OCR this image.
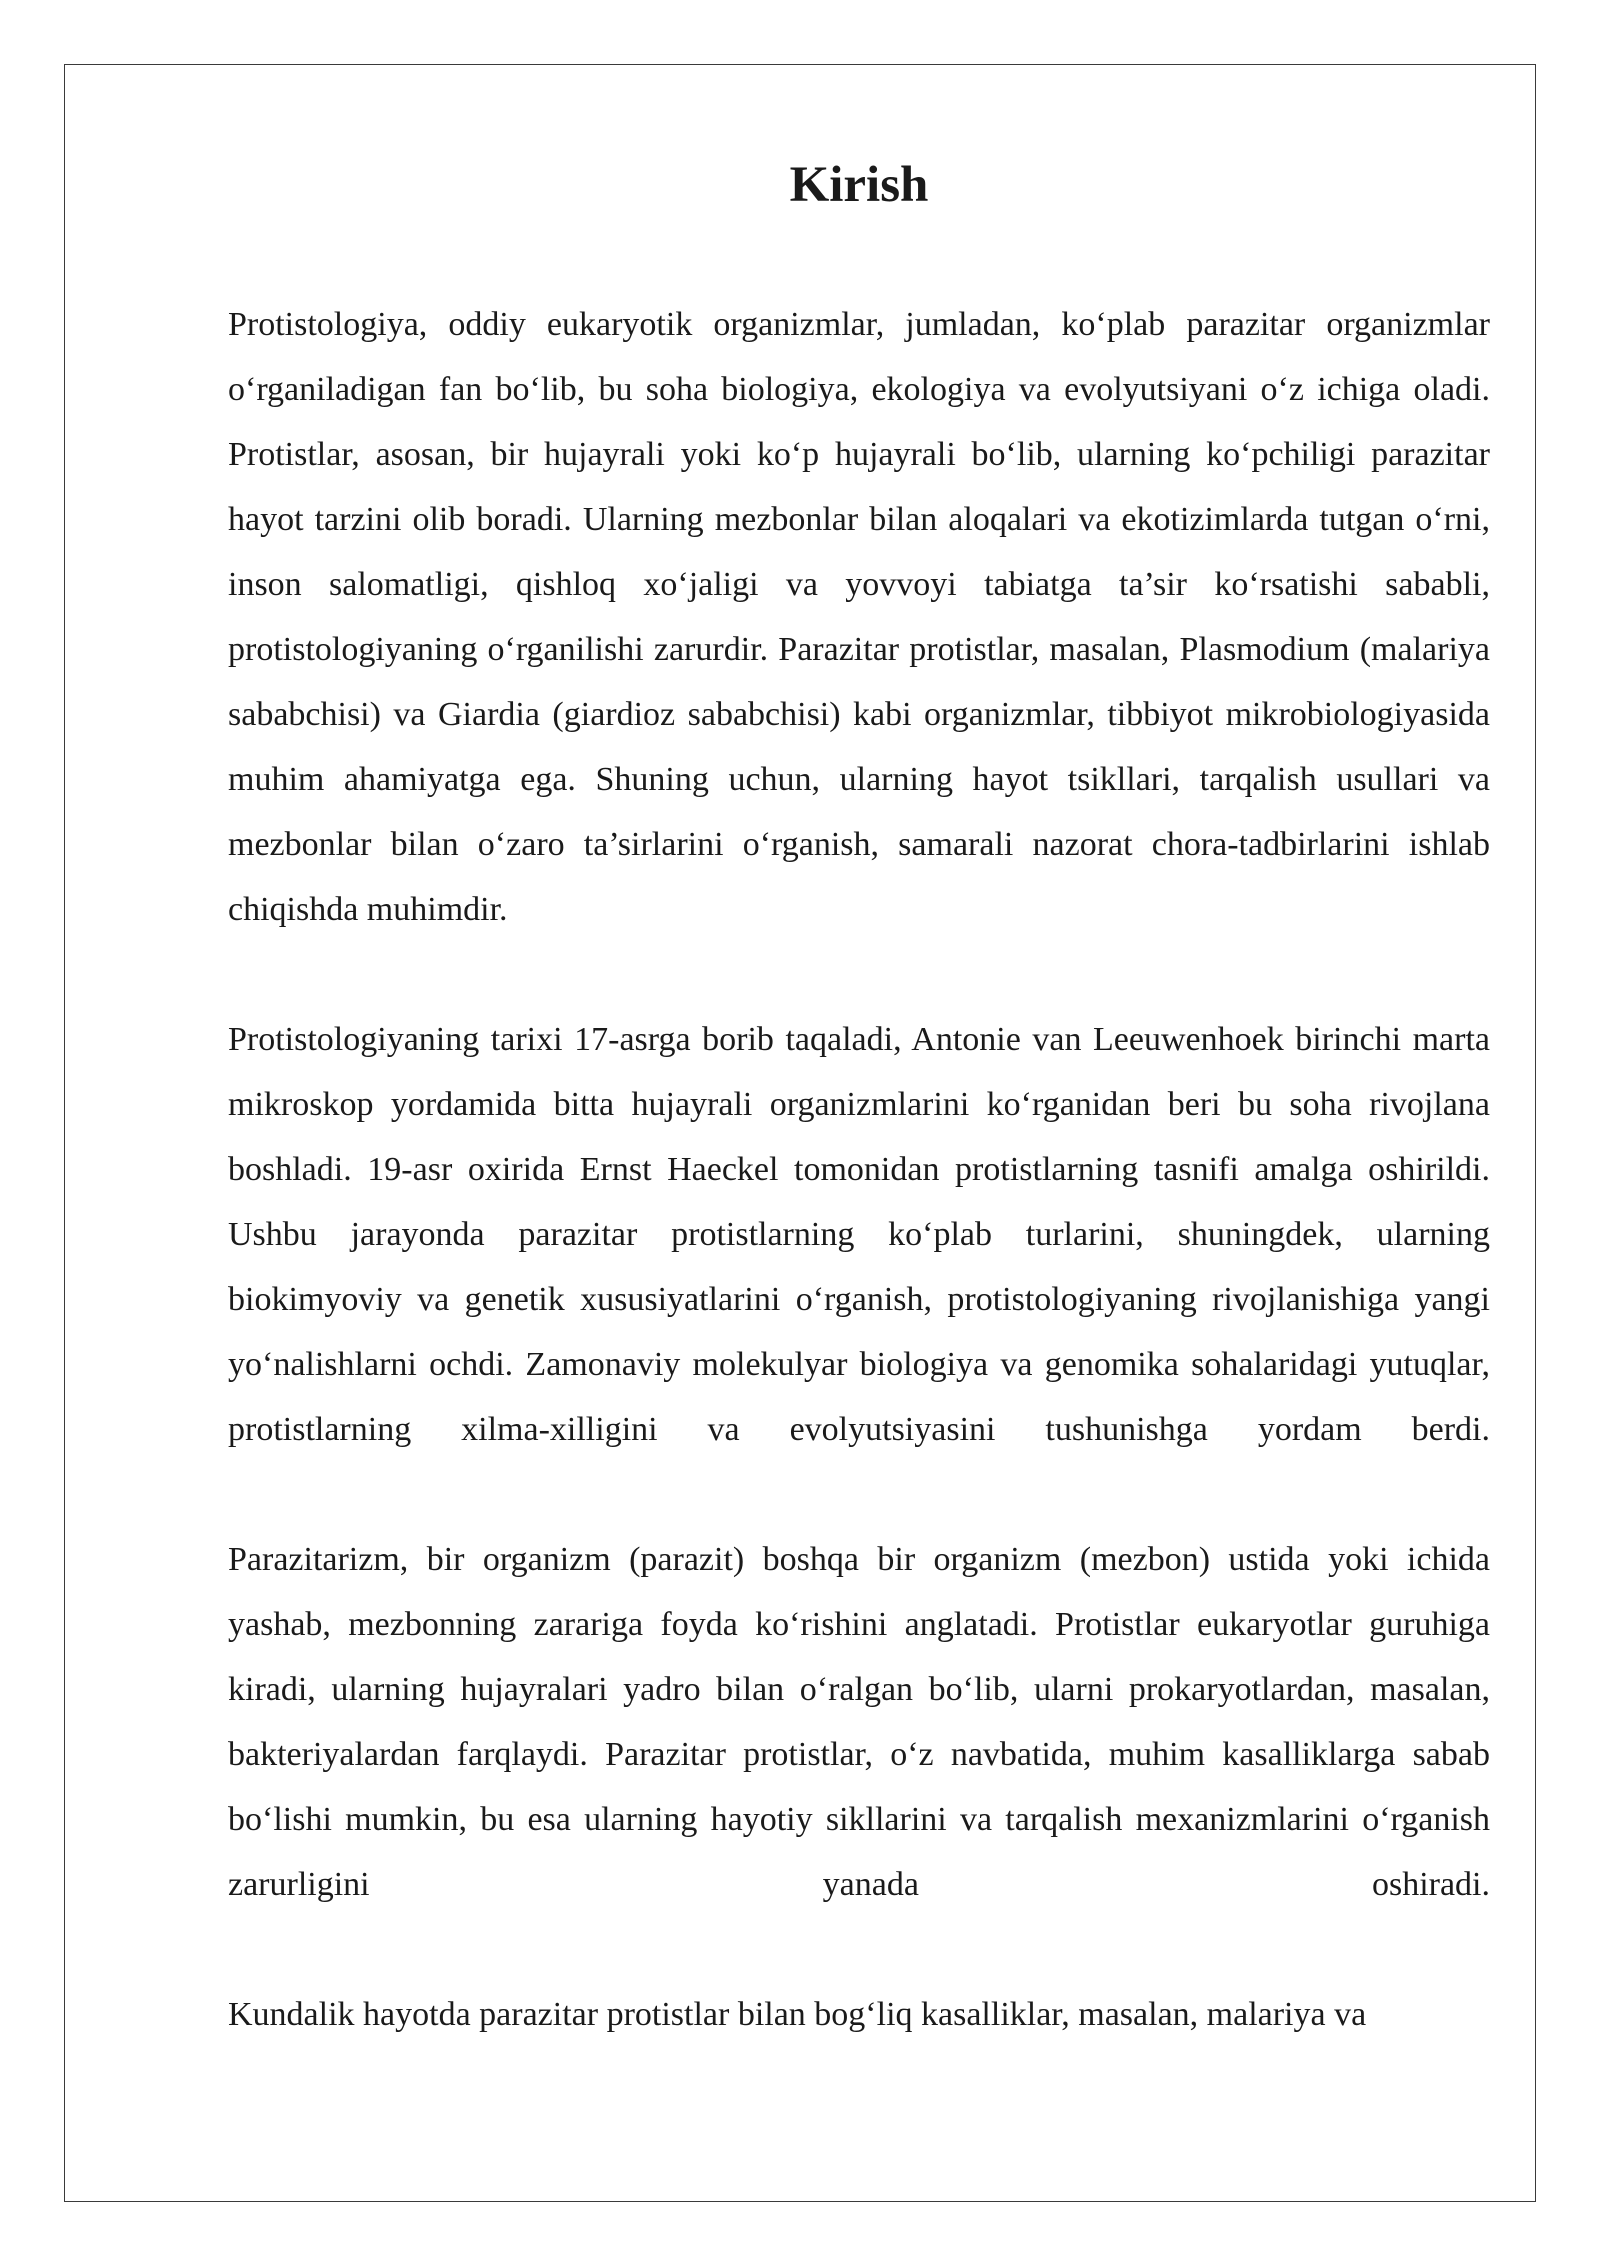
Kirish

Protistologiya, oddiy eukaryotik organizmlar, jumladan, ko‘plab parazitar organizmlar o‘rganiladigan fan bo‘lib, bu soha biologiya, ekologiya va evolyutsiyani o‘z ichiga oladi. Protistlar, asosan, bir hujayrali yoki ko‘p hujayrali bo‘lib, ularning ko‘pchiligi parazitar hayot tarzini olib boradi. Ularning mezbonlar bilan aloqalari va ekotizimlarda tutgan o‘rni, inson salomatligi, qishloq xo‘jaligi va yovvoyi tabiatga ta’sir ko‘rsatishi sababli, protistologiyaning o‘rganilishi zarurdir. Parazitar protistlar, masalan, Plasmodium (malariya sababchisi) va Giardia (giardioz sababchisi) kabi organizmlar, tibbiyot mikrobiologiyasida muhim ahamiyatga ega. Shuning uchun, ularning hayot tsikllari, tarqalish usullari va mezbonlar bilan o‘zaro ta’sirlarini o‘rganish, samarali nazorat chora-tadbirlarini ishlab chiqishda muhimdir.

Protistologiyaning tarixi 17-asrga borib taqaladi, Antonie van Leeuwenhoek birinchi marta mikroskop yordamida bitta hujayrali organizmlarini ko‘rganidan beri bu soha rivojlana boshladi. 19-asr oxirida Ernst Haeckel tomonidan protistlarning tasnifi amalga oshirildi. Ushbu jarayonda parazitar protistlarning ko‘plab turlarini, shuningdek, ularning biokimyoviy va genetik xususiyatlarini o‘rganish, protistologiyaning rivojlanishiga yangi yo‘nalishlarni ochdi. Zamonaviy molekulyar biologiya va genomika sohalaridagi yutuqlar, protistlarning xilma-xilligini va evolyutsiyasini tushunishga yordam berdi.

Parazitarizm, bir organizm (parazit) boshqa bir organizm (mezbon) ustida yoki ichida yashab, mezbonning zarariga foyda ko‘rishini anglatadi. Protistlar eukaryotlar guruhiga kiradi, ularning hujayralari yadro bilan o‘ralgan bo‘lib, ularni prokaryotlardan, masalan, bakteriyalardan farqlaydi. Parazitar protistlar, o‘z navbatida, muhim kasalliklarga sabab bo‘lishi mumkin, bu esa ularning hayotiy sikllarini va tarqalish mexanizmlarini o‘rganish zarurligini yanada oshiradi.

Kundalik hayotda parazitar protistlar bilan bog‘liq kasalliklar, masalan, malariya va
